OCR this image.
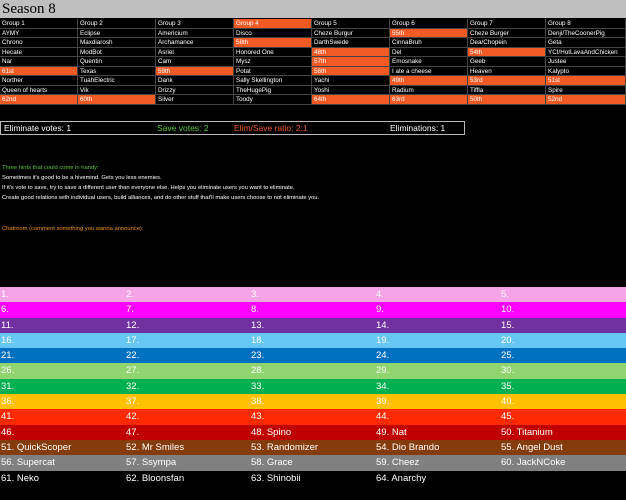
Season 8
Group 1	Group 2	Group 3	Group 4	Group 5	Group 6	Group 7	Group 8
AYMY	Eclipse	Americium	Disco	Cheze Burgur	55th	Cheze Burger	Denji/TheCoonerPig
Chrono	Maxdiarosh	Archamance	58th	DarthSwede	CinnaBruh	Dea/Chopein	Geta
Hecate	ModBot	Asriel	Honored One	48th	Del	54th	YCI/HotLavaAndChicken
Nar	Quentin	Cam	Mysz	57th	Emosnake	Geeb	Justee
61st	Texas	59th	Potat	56th	I ate a cheese	Heaven	Kalypto
Norther	TuahElectric	Dank	Sally Skellington	Yachi	49th	53rd	51st
Queen of hearts	Vik	Drizzy	TheHugePig	Yoshi	Radium	Tiffla	Spire
62nd	60th	Silver	Toody	64th	63rd	50th	52nd
Eliminate votes: 1	Save votes: 2	Elim/Save ratio: 2:1	Eliminations: 1
Three hints that could come in handy:
Sometimes it's good to be a hivemind. Gets you less enemies.
If it's vote to save, try to save a different user than everyone else. Helps you eliminate users you want to eliminate.
Create good relations with individual users, build alliances, and do other stuff that'll make users choose to not eliminate you.
Chatroom (comment something you wanna announce):
1.	2.	3.	4.	5.
6.	7.	8.	9.	10.
11.	12.	13.	14.	15.
16.	17.	18.	19.	20.
21.	22.	23.	24.	25.
26.	27.	28.	29.	30.
31.	32.	33.	34.	35.
36.	37.	38.	39.	40.
41.	42.	43.	44.	45.
46.	47.	48. Spino	49. Nat	50. Titanium
51. QuickScoper	52. Mr Smiles	53. Randomizer	54. Dio Brando	55. Angel Dust
56. Supercat	57. Ssympa	58. Grace	59. Cheez	60. JackNCoke
61. Neko	62. Bloonsfan	63. Shinobii	64. Anarchy
